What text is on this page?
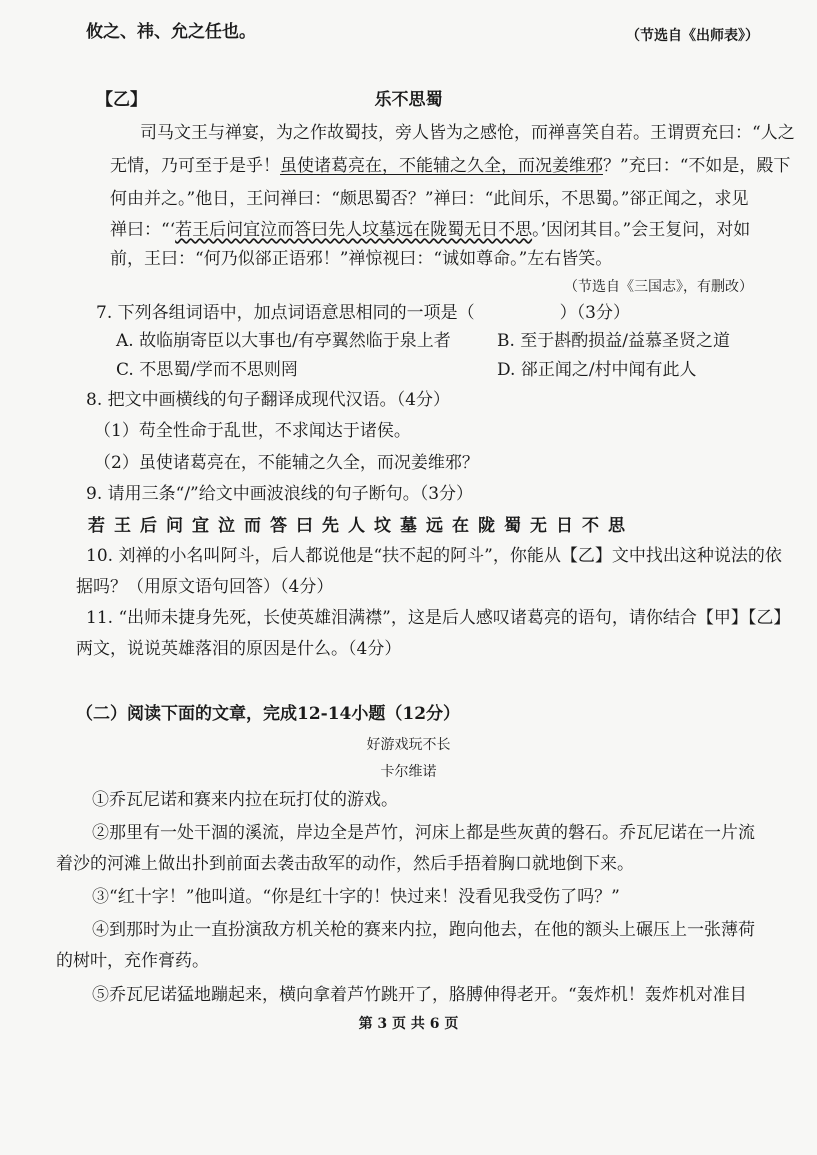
攸之、祎、允之任也。	（节选自《出师表》）
【乙】	乐不思蜀
司马文王与禅宴，为之作故蜀技，旁人皆为之感怆，而禅喜笑自若。王谓贾充曰：“人之
无情，乃可至于是乎！虽使诸葛亮在，不能辅之久全，而况姜维邪？”充曰：“不如是，殿下
何由并之。”他日，王问禅曰：“颇思蜀否？”禅曰：“此间乐，不思蜀。”郤正闻之，求见
禅曰：“‘若王后问宜泣而答曰先人坟墓远在陇蜀无日不思。’因闭其目。”会王复问，对如
前，王曰：“何乃似郤正语邪！”禅惊视曰：“诚如尊命。”左右皆笑。
（节选自《三国志》，有删改）
7. 下列各组词语中，加点词语意思相同的一项是（　　　　　）（3分）
A. 故临崩寄臣以大事也/有亭翼然临于泉上者	B. 至于斟酌损益/益慕圣贤之道
C. 不思蜀/学而不思则罔	D. 郤正闻之/村中闻有此人
8. 把文中画横线的句子翻译成现代汉语。（4分）
（1）苟全性命于乱世，不求闻达于诸侯。
（2）虽使诸葛亮在，不能辅之久全，而况姜维邪？
9. 请用三条“/”给文中画波浪线的句子断句。（3分）
若王后问宜泣而答曰先人坟墓远在陇蜀无日不思
10. 刘禅的小名叫阿斗，后人都说他是“扶不起的阿斗”，你能从【乙】文中找出这种说法的依
据吗？（用原文语句回答）（4分）
11. “出师未捷身先死，长使英雄泪满襟”，这是后人感叹诸葛亮的语句，请你结合【甲】【乙】
两文，说说英雄落泪的原因是什么。（4分）
（二）阅读下面的文章，完成12-14小题（12分）
好游戏玩不长
卡尔维诺
①乔瓦尼诺和赛来内拉在玩打仗的游戏。
②那里有一处干涸的溪流，岸边全是芦竹，河床上都是些灰黄的磐石。乔瓦尼诺在一片流
着沙的河滩上做出扑到前面去袭击敌军的动作，然后手捂着胸口就地倒下来。
③“红十字！”他叫道。“你是红十字的！快过来！没看见我受伤了吗？”
④到那时为止一直扮演敌方机关枪的赛来内拉，跑向他去，在他的额头上碾压上一张薄荷
的树叶，充作膏药。
⑤乔瓦尼诺猛地蹦起来，横向拿着芦竹跳开了，胳膊伸得老开。“轰炸机！轰炸机对准目
第 3 页 共 6 页
